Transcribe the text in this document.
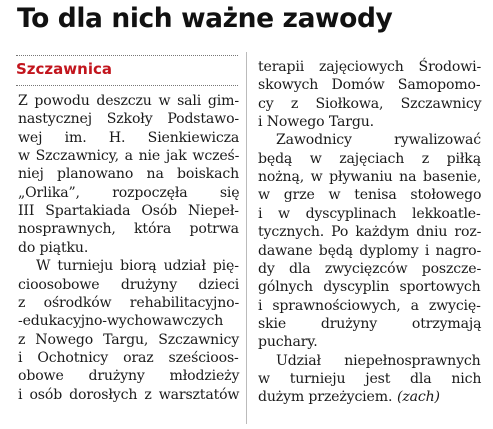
To dla nich ważne zawody
Szczawnica
Z powodu deszczu w sali gim-
nastycznej Szkoły Podstawo-
wej im. H. Sienkiewicza
w Szczawnicy, a nie jak wcześ-
niej planowano na boiskach
„Orlika”, rozpoczęła się
III Spartakiada Osób Niepeł-
nosprawnych, która potrwa
do piątku.
W turnieju biorą udział pię-
cioosobowe drużyny dzieci
z ośrodków rehabilitacyjno-
-edukacyjno-wychowawczych
z Nowego Targu, Szczawnicy
i Ochotnicy oraz sześcioos-
obowe drużyny młodzieży
i osób dorosłych z warsztatów
terapii zajęciowych Środowi-
skowych Domów Samopomo-
cy z Siołkowa, Szczawnicy
i Nowego Targu.
Zawodnicy rywalizować
będą w zajęciach z piłką
nożną, w pływaniu na basenie,
w grze w tenisa stołowego
i w dyscyplinach lekkoatle-
tycznych. Po każdym dniu roz-
dawane będą dyplomy i nagro-
dy dla zwycięzców poszcze-
gólnych dyscyplin sportowych
i sprawnościowych, a zwycię-
skie drużyny otrzymają
puchary.
Udział niepełnosprawnych
w turnieju jest dla nich
dużym przeżyciem. (zach)
